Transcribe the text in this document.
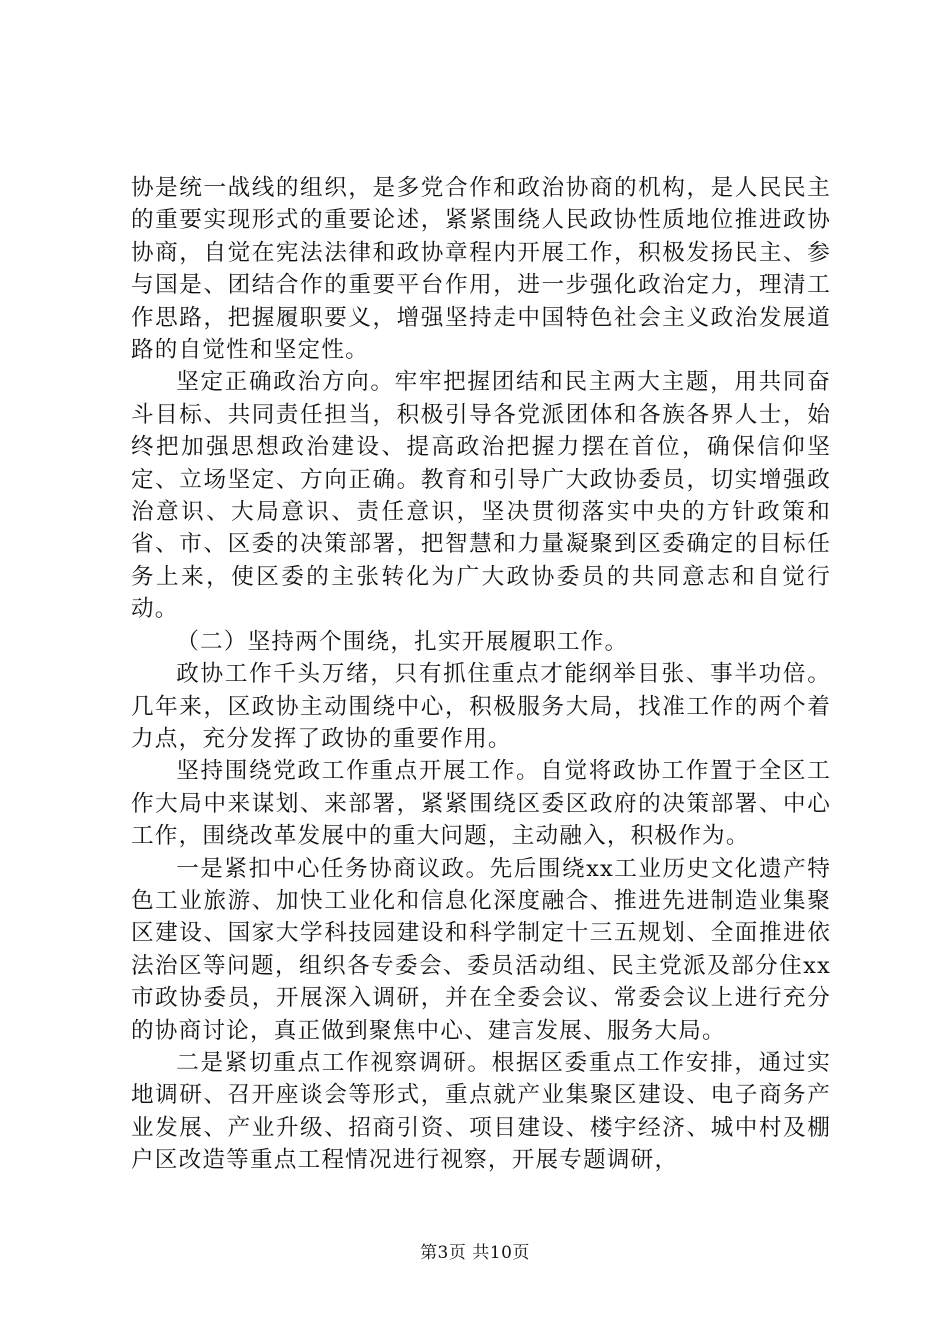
协是统一战线的组织，是多党合作和政治协商的机构，是人民民主的重要实现形式的重要论述，紧紧围绕人民政协性质地位推进政协协商，自觉在宪法法律和政协章程内开展工作，积极发扬民主、参与国是、团结合作的重要平台作用，进一步强化政治定力，理清工作思路，把握履职要义，增强坚持走中国特色社会主义政治发展道路的自觉性和坚定性。

坚定正确政治方向。牢牢把握团结和民主两大主题，用共同奋斗目标、共同责任担当，积极引导各党派团体和各族各界人士，始终把加强思想政治建设、提高政治把握力摆在首位，确保信仰坚定、立场坚定、方向正确。教育和引导广大政协委员，切实增强政治意识、大局意识、责任意识，坚决贯彻落实中央的方针政策和省、市、区委的决策部署，把智慧和力量凝聚到区委确定的目标任务上来，使区委的主张转化为广大政协委员的共同意志和自觉行动。

（二）坚持两个围绕，扎实开展履职工作。

政协工作千头万绪，只有抓住重点才能纲举目张、事半功倍。几年来，区政协主动围绕中心，积极服务大局，找准工作的两个着力点，充分发挥了政协的重要作用。

坚持围绕党政工作重点开展工作。自觉将政协工作置于全区工作大局中来谋划、来部署，紧紧围绕区委区政府的决策部署、中心工作，围绕改革发展中的重大问题，主动融入，积极作为。

一是紧扣中心任务协商议政。先后围绕xx工业历史文化遗产特色工业旅游、加快工业化和信息化深度融合、推进先进制造业集聚区建设、国家大学科技园建设和科学制定十三五规划、全面推进依法治区等问题，组织各专委会、委员活动组、民主党派及部分住xx市政协委员，开展深入调研，并在全委会议、常委会议上进行充分的协商讨论，真正做到聚焦中心、建言发展、服务大局。

二是紧切重点工作视察调研。根据区委重点工作安排，通过实地调研、召开座谈会等形式，重点就产业集聚区建设、电子商务产业发展、产业升级、招商引资、项目建设、楼宇经济、城中村及棚户区改造等重点工程情况进行视察，开展专题调研，

第3页 共10页
